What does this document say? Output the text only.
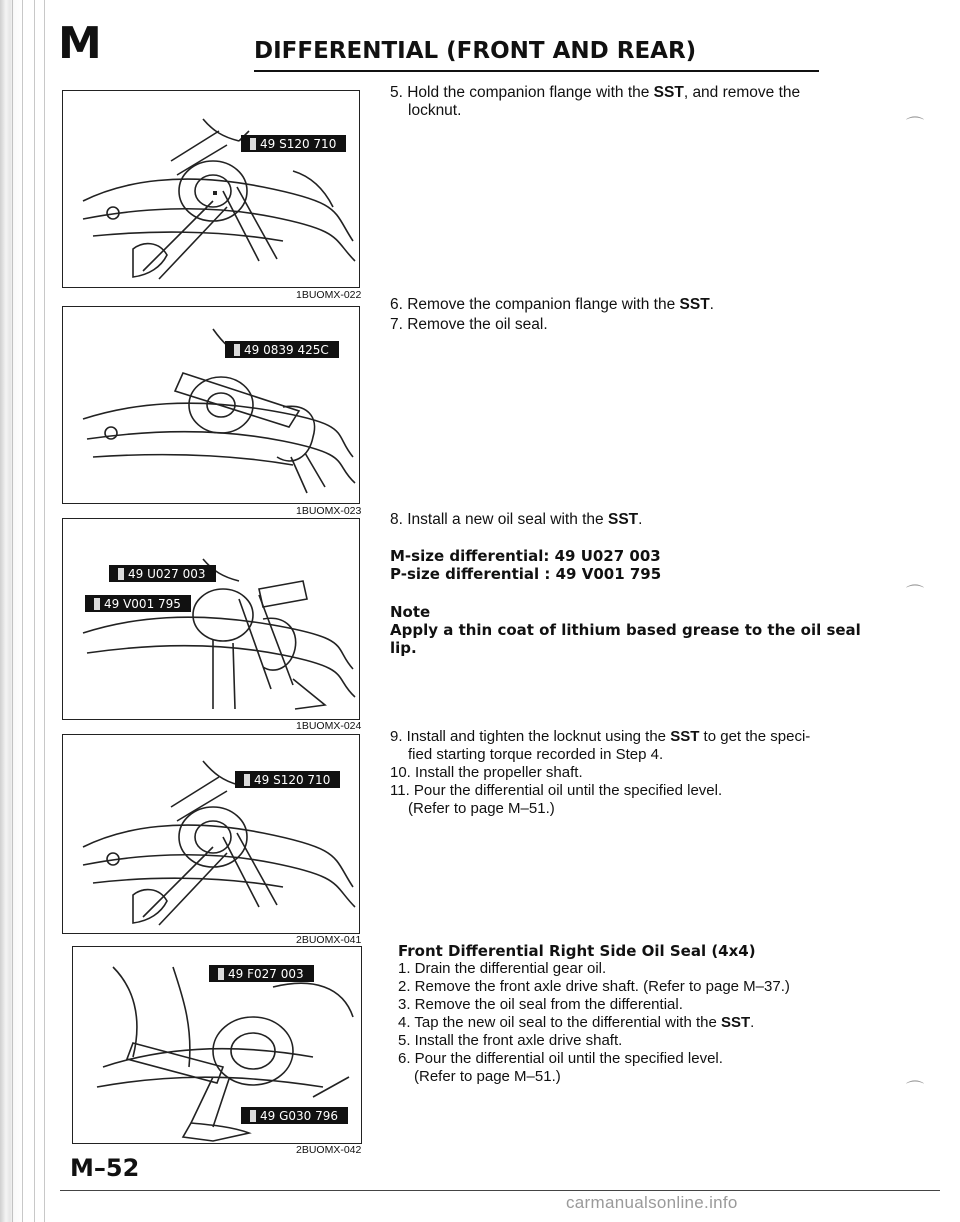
M	DIFFERENTIAL (FRONT AND REAR)
49 S120 710
1BUOMX-022
49 0839 425C
1BUOMX-023
49 U027 003
49 V001 795
1BUOMX-024
49 S120 710
2BUOMX-041
49 F027 003
49 G030 796
2BUOMX-042
5. Hold the companion flange with the SST, and remove the
locknut.
6. Remove the companion flange with the SST.
7. Remove the oil seal.
8. Install a new oil seal with the SST.
M-size differential: 49 U027 003
P-size differential : 49 V001 795
Note
Apply a thin coat of lithium based grease to the oil seal
lip.
9. Install and tighten the locknut using the SST to get the speci-
fied starting torque recorded in Step 4.
10. Install the propeller shaft.
11. Pour the differential oil until the specified level.
(Refer to page M–51.)
Front Differential Right Side Oil Seal (4x4)
1. Drain the differential gear oil.
2. Remove the front axle drive shaft. (Refer to page M–37.)
3. Remove the oil seal from the differential.
4. Tap the new oil seal to the differential with the SST.
5. Install the front axle drive shaft.
6. Pour the differential oil until the specified level.
(Refer to page M–51.)
⌒
⌒
⌒
M–52
carmanualsonline.info
